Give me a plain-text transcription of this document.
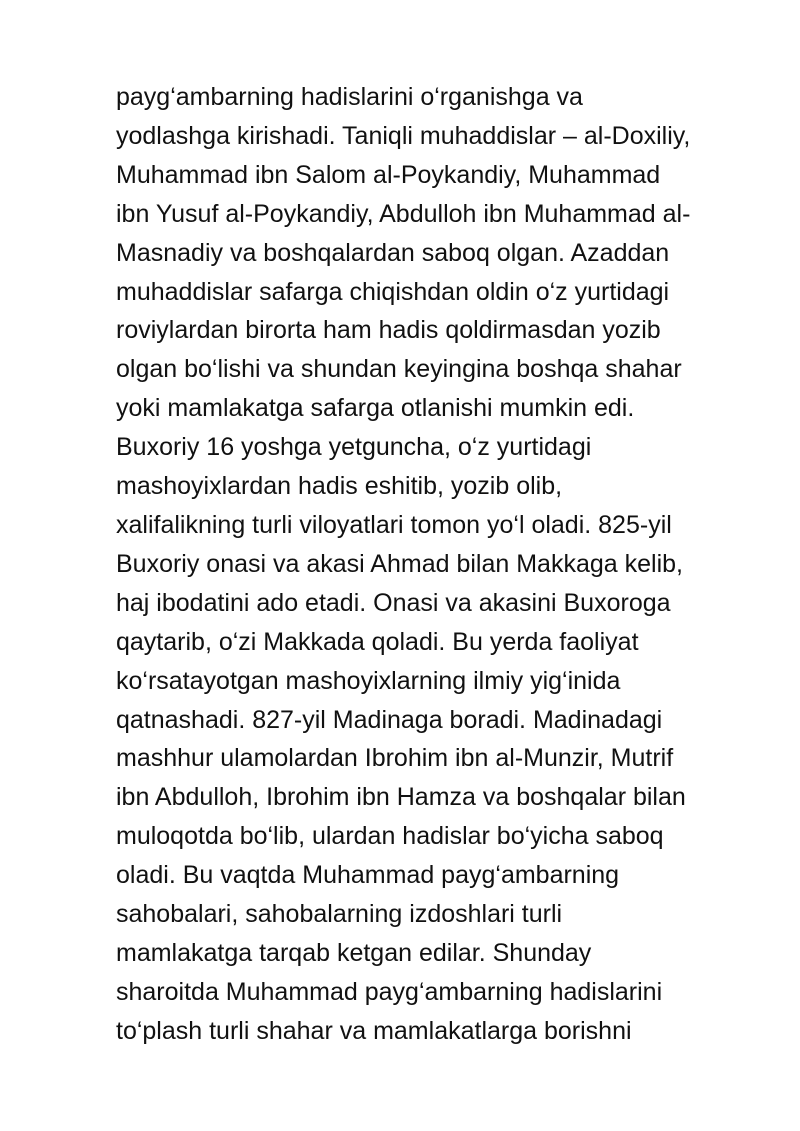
payg‘ambarning hadislarini o‘rganishga va
yodlashga kirishadi. Taniqli muhaddislar – al-Doxiliy,
Muhammad ibn Salom al-Poykandiy, Muhammad
ibn Yusuf al-Poykandiy, Abdulloh ibn Muhammad al-
Masnadiy va boshqalardan saboq olgan. Azaddan
muhaddislar safarga chiqishdan oldin o‘z yurtidagi
roviylardan birorta ham hadis qoldirmasdan yozib
olgan bo‘lishi va shundan keyingina boshqa shahar
yoki mamlakatga safarga otlanishi mumkin edi.
Buxoriy 16 yoshga yetguncha, o‘z yurtidagi
mashoyixlardan hadis eshitib, yozib olib,
xalifalikning turli viloyatlari tomon yo‘l oladi. 825-yil
Buxoriy onasi va akasi Ahmad bilan Makkaga kelib,
haj ibodatini ado etadi. Onasi va akasini Buxoroga
qaytarib, o‘zi Makkada qoladi. Bu yerda faoliyat
ko‘rsatayotgan mashoyixlarning ilmiy yig‘inida
qatnashadi. 827-yil Madinaga boradi. Madinadagi
mashhur ulamolardan Ibrohim ibn al-Munzir, Mutrif
ibn Abdulloh, Ibrohim ibn Hamza va boshqalar bilan
muloqotda bo‘lib, ulardan hadislar bo‘yicha saboq
oladi. Bu vaqtda Muhammad payg‘ambarning
sahobalari, sahobalarning izdoshlari turli
mamlakatga tarqab ketgan edilar. Shunday
sharoitda Muhammad payg‘ambarning hadislarini
to‘plash turli shahar va mamlakatlarga borishni
